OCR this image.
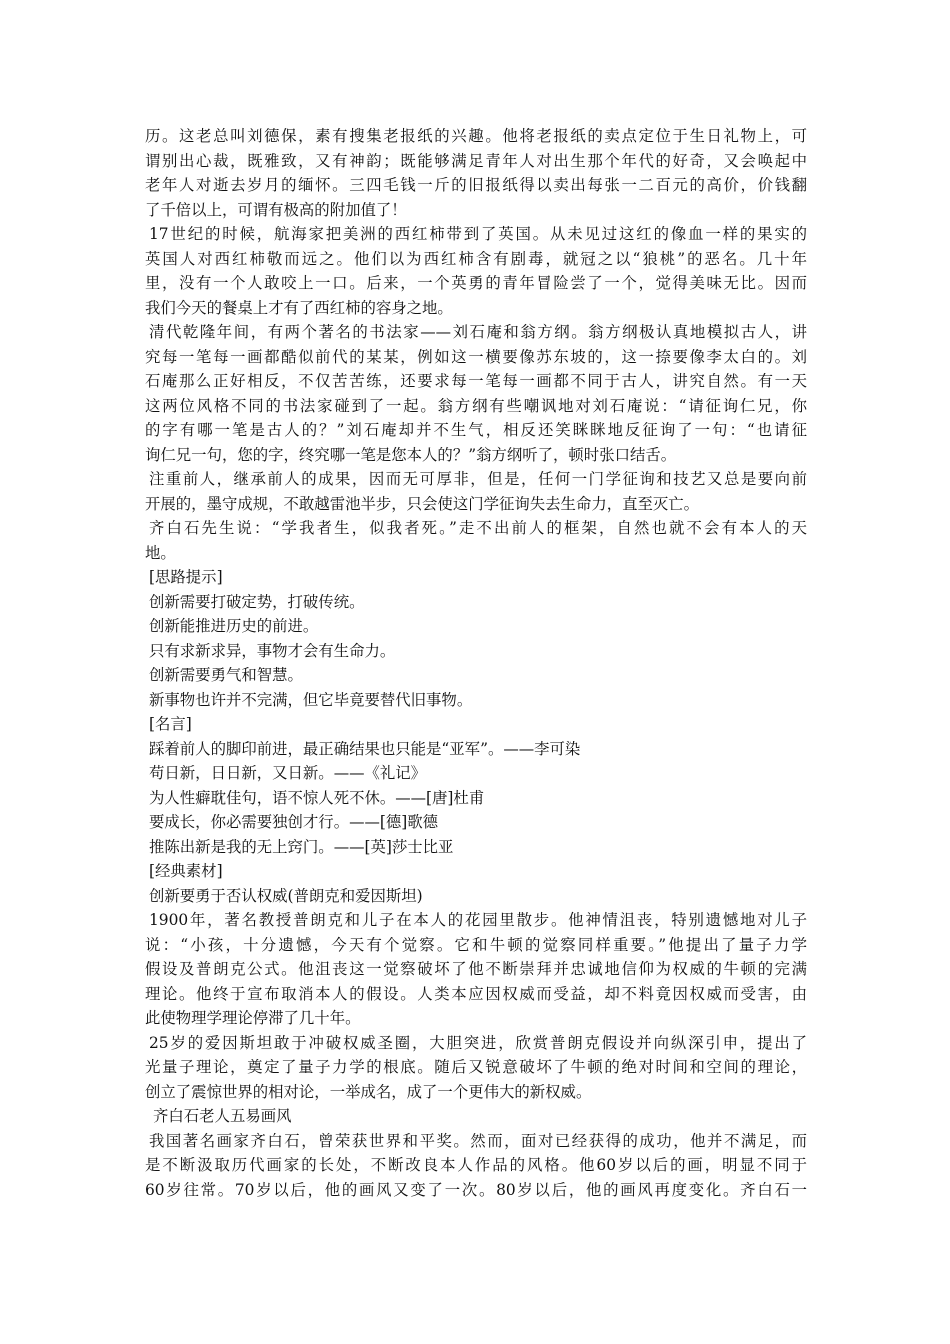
历。这老总叫刘德保，素有搜集老报纸的兴趣。他将老报纸的卖点定位于生日礼物上，可
谓别出心裁，既雅致，又有神韵；既能够满足青年人对出生那个年代的好奇，又会唤起中
老年人对逝去岁月的缅怀。三四毛钱一斤的旧报纸得以卖出每张一二百元的高价，价钱翻
了千倍以上，可谓有极高的附加值了！
17世纪的时候，航海家把美洲的西红柿带到了英国。从未见过这红的像血一样的果实的
英国人对西红柿敬而远之。他们以为西红柿含有剧毒，就冠之以“狼桃”的恶名。几十年
里，没有一个人敢咬上一口。后来，一个英勇的青年冒险尝了一个，觉得美味无比。因而
我们今天的餐桌上才有了西红柿的容身之地。
清代乾隆年间，有两个著名的书法家——刘石庵和翁方纲。翁方纲极认真地模拟古人，讲
究每一笔每一画都酷似前代的某某，例如这一横要像苏东坡的，这一捺要像李太白的。刘
石庵那么正好相反，不仅苦苦练，还要求每一笔每一画都不同于古人，讲究自然。有一天
这两位风格不同的书法家碰到了一起。翁方纲有些嘲讽地对刘石庵说：“请征询仁兄，你
的字有哪一笔是古人的？”刘石庵却并不生气，相反还笑眯眯地反征询了一句：“也请征
询仁兄一句，您的字，终究哪一笔是您本人的？”翁方纲听了，顿时张口结舌。
注重前人，继承前人的成果，因而无可厚非，但是，任何一门学征询和技艺又总是要向前
开展的，墨守成规，不敢越雷池半步，只会使这门学征询失去生命力，直至灭亡。
齐白石先生说：“学我者生，似我者死。”走不出前人的框架，自然也就不会有本人的天
地。
[思路提示]
创新需要打破定势，打破传统。
创新能推进历史的前进。
只有求新求异，事物才会有生命力。
创新需要勇气和智慧。
新事物也许并不完满，但它毕竟要替代旧事物。
[名言]
踩着前人的脚印前进，最正确结果也只能是“亚军”。——李可染
苟日新，日日新，又日新。——《礼记》
为人性癖耽佳句，语不惊人死不休。——[唐]杜甫
要成长，你必需要独创才行。——[德]歌德
推陈出新是我的无上窍门。——[英]莎士比亚
[经典素材]
创新要勇于否认权威(普朗克和爱因斯坦)
1900年，著名教授普朗克和儿子在本人的花园里散步。他神情沮丧，特别遗憾地对儿子
说：“小孩，十分遗憾，今天有个觉察。它和牛顿的觉察同样重要。”他提出了量子力学
假设及普朗克公式。他沮丧这一觉察破坏了他不断崇拜并忠诚地信仰为权威的牛顿的完满
理论。他终于宣布取消本人的假设。人类本应因权威而受益，却不料竟因权威而受害，由
此使物理学理论停滞了几十年。
25岁的爱因斯坦敢于冲破权威圣圈，大胆突进，欣赏普朗克假设并向纵深引申，提出了
光量子理论，奠定了量子力学的根底。随后又锐意破坏了牛顿的绝对时间和空间的理论，
创立了震惊世界的相对论，一举成名，成了一个更伟大的新权威。
齐白石老人五易画风
我国著名画家齐白石，曾荣获世界和平奖。然而，面对已经获得的成功，他并不满足，而
是不断汲取历代画家的长处，不断改良本人作品的风格。他60岁以后的画，明显不同于
60岁往常。70岁以后，他的画风又变了一次。80岁以后，他的画风再度变化。齐白石一
